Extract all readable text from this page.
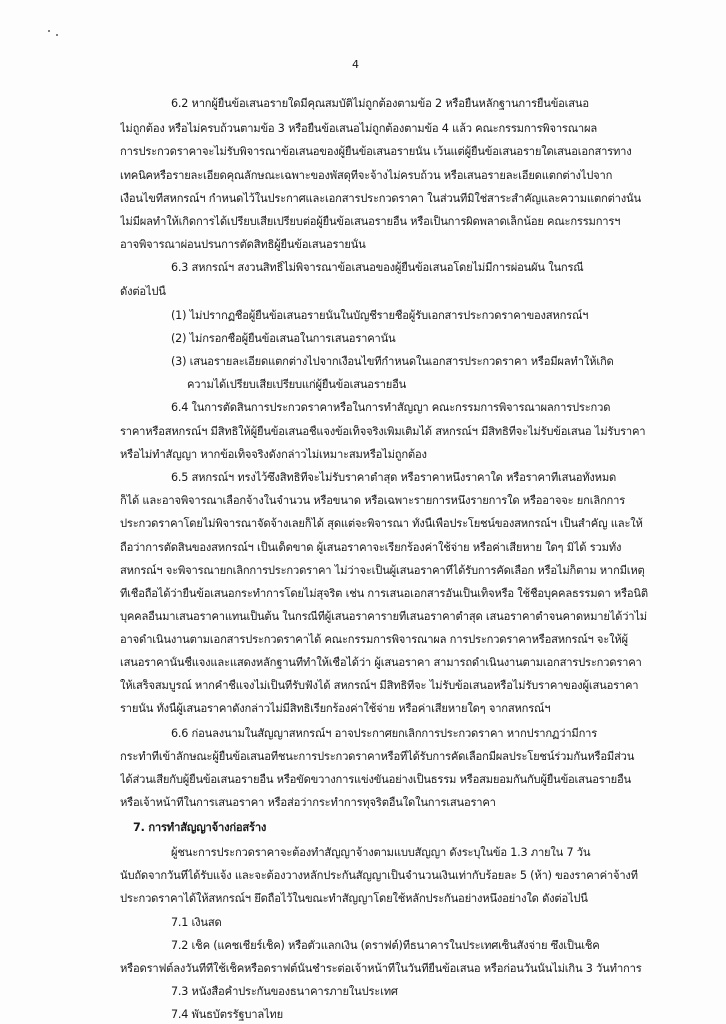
4
6.2 หากผู้ยื่นข้อเสนอรายใดมีคุณสมบัติไม่ถูกต้องตามข้อ 2 หรือยื่นหลักฐานการยื่นข้อเสนอ
ไม่ถูกต้อง หรือไม่ครบถ้วนตามข้อ 3 หรือยื่นข้อเสนอไม่ถูกต้องตามข้อ 4 แล้ว คณะกรรมการพิจารณาผล
การประกวดราคาจะไม่รับพิจารณาข้อเสนอของผู้ยื่นข้อเสนอรายนั้น เว้นแต่ผู้ยื่นข้อเสนอรายใดเสนอเอกสารทาง
เทคนิคหรือรายละเอียดคุณลักษณะเฉพาะของพัสดุที่จะจ้างไม่ครบถ้วน หรือเสนอรายละเอียดแตกต่างไปจาก
เงื่อนไขที่สหกรณ์ฯ กำหนดไว้ในประกาศและเอกสารประกวดราคา ในส่วนที่มิใช่สาระสำคัญและความแตกต่างนั้น
ไม่มีผลทำให้เกิดการได้เปรียบเสียเปรียบต่อผู้ยื่นข้อเสนอรายอื่น หรือเป็นการผิดพลาดเล็กน้อย คณะกรรมการฯ
อาจพิจารณาผ่อนปรนการตัดสิทธิผู้ยื่นข้อเสนอรายนั้น
6.3 สหกรณ์ฯ สงวนสิทธิ์ไม่พิจารณาข้อเสนอของผู้ยื่นข้อเสนอโดยไม่มีการผ่อนผัน ในกรณี
ดังต่อไปนี้
(1) ไม่ปรากฏชื่อผู้ยื่นข้อเสนอรายนั้นในบัญชีรายชื่อผู้รับเอกสารประกวดราคาของสหกรณ์ฯ
(2) ไม่กรอกชื่อผู้ยื่นข้อเสนอในการเสนอราคานั้น
(3) เสนอรายละเอียดแตกต่างไปจากเงื่อนไขที่กำหนดในเอกสารประกวดราคา หรือมีผลทำให้เกิด
ความได้เปรียบเสียเปรียบแก่ผู้ยื่นข้อเสนอรายอื่น
6.4 ในการตัดสินการประกวดราคาหรือในการทำสัญญา คณะกรรมการพิจารณาผลการประกวด
ราคาหรือสหกรณ์ฯ มีสิทธิให้ผู้ยื่นข้อเสนอชี้แจงข้อเท็จจริงเพิ่มเติมได้ สหกรณ์ฯ มีสิทธิที่จะไม่รับข้อเสนอ ไม่รับราคา
หรือไม่ทำสัญญา หากข้อเท็จจริงดังกล่าวไม่เหมาะสมหรือไม่ถูกต้อง
6.5 สหกรณ์ฯ ทรงไว้ซึ่งสิทธิที่จะไม่รับราคาต่ำสุด หรือราคาหนึ่งราคาใด หรือราคาที่เสนอทั้งหมด
ก็ได้ และอาจพิจารณาเลือกจ้างในจำนวน หรือขนาด หรือเฉพาะรายการหนึ่งรายการใด หรืออาจจะ ยกเลิกการ
ประกวดราคาโดยไม่พิจารณาจัดจ้างเลยก็ได้ สุดแต่จะพิจารณา ทั้งนี้เพื่อประโยชน์ของสหกรณ์ฯ เป็นสำคัญ และให้
ถือว่าการตัดสินของสหกรณ์ฯ เป็นเด็ดขาด ผู้เสนอราคาจะเรียกร้องค่าใช้จ่าย หรือค่าเสียหาย ใดๆ มิได้ รวมทั้ง
สหกรณ์ฯ จะพิจารณายกเลิกการประกวดราคา ไม่ว่าจะเป็นผู้เสนอราคาที่ได้รับการคัดเลือก หรือไม่ก็ตาม หากมีเหตุ
ที่เชื่อถือได้ว่ายื่นข้อเสนอกระทำการโดยไม่สุจริต เช่น การเสนอเอกสารอันเป็นเท็จหรือ ใช้ชื่อบุคคลธรรมดา หรือนิติ
บุคคลอื่นมาเสนอราคาแทนเป็นต้น ในกรณีที่ผู้เสนอราคารายที่เสนอราคาต่ำสุด เสนอราคาต่ำจนคาดหมายได้ว่าไม่
อาจดำเนินงานตามเอกสารประกวดราคาได้ คณะกรรมการพิจารณาผล การประกวดราคาหรือสหกรณ์ฯ จะให้ผู้
เสนอราคานั้นชี้แจงและแสดงหลักฐานที่ทำให้เชื่อได้ว่า ผู้เสนอราคา สามารถดำเนินงานตามเอกสารประกวดราคา
ให้เสร็จสมบูรณ์ หากคำชี้แจงไม่เป็นที่รับฟังได้ สหกรณ์ฯ มีสิทธิที่จะ ไม่รับข้อเสนอหรือไม่รับราคาของผู้เสนอราคา
รายนั้น ทั้งนี้ผู้เสนอราคาดังกล่าวไม่มีสิทธิเรียกร้องค่าใช้จ่าย หรือค่าเสียหายใดๆ จากสหกรณ์ฯ
6.6 ก่อนลงนามในสัญญาสหกรณ์ฯ อาจประกาศยกเลิกการประกวดราคา หากปรากฏว่ามีการ
กระทำที่เข้าลักษณะผู้ยื่นข้อเสนอที่ชนะการประกวดราคาหรือที่ได้รับการคัดเลือกมีผลประโยชน์ร่วมกันหรือมีส่วน
ได้ส่วนเสียกับผู้ยื่นข้อเสนอรายอื่น หรือขัดขวางการแข่งขันอย่างเป็นธรรม หรือสมยอมกันกับผู้ยื่นข้อเสนอรายอื่น
หรือเจ้าหน้าที่ในการเสนอราคา หรือส่อว่ากระทำการทุจริตอื่นใดในการเสนอราคา
7. การทำสัญญาจ้างก่อสร้าง
ผู้ชนะการประกวดราคาจะต้องทำสัญญาจ้างตามแบบสัญญา ดังระบุในข้อ 1.3 ภายใน 7 วัน
นับถัดจากวันที่ได้รับแจ้ง และจะต้องวางหลักประกันสัญญาเป็นจำนวนเงินเท่ากับร้อยละ 5 (ห้า) ของราคาค่าจ้างที่
ประกวดราคาได้ให้สหกรณ์ฯ ยึดถือไว้ในขณะทำสัญญาโดยใช้หลักประกันอย่างหนึ่งอย่างใด ดังต่อไปนี้
7.1 เงินสด
7.2 เช็ค (แคชเชียร์เช็ค) หรือตั๋วแลกเงิน (ดราฟต์)ที่ธนาคารในประเทศเซ็นสั่งจ่าย ซึ่งเป็นเช็ค
หรือดราฟต์ลงวันที่ที่ใช้เช็คหรือดราฟต์นั้นชำระต่อเจ้าหน้าที่ในวันที่ยื่นข้อเสนอ หรือก่อนวันนั้นไม่เกิน 3 วันทำการ
7.3 หนังสือค้ำประกันของธนาคารภายในประเทศ
7.4 พันธบัตรรัฐบาลไทย
